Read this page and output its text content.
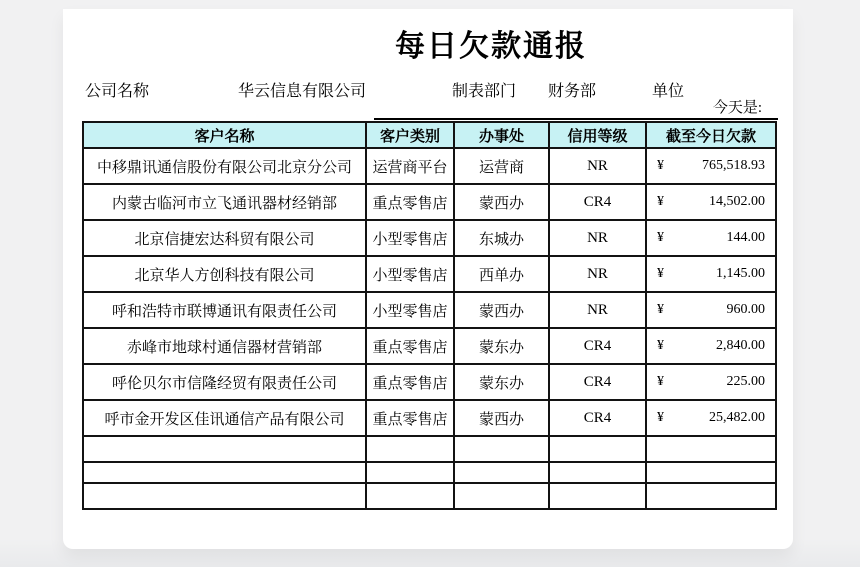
每日欠款通报
公司名称	华云信息有限公司	制表部门 财务部	单位
今天是:
客户名称	客户类别	办事处	信用等级	截至今日欠款
中移鼎讯通信股份有限公司北京分公司	运营商平台	运营商	NR	¥ 765,518.93

内蒙古临河市立飞通讯器材经销部	重点零售店	蒙西办	CR4	¥ 14,502.00

北京信捷宏达科贸有限公司	小型零售店	东城办	NR	¥ 144.00

北京华人方创科技有限公司	小型零售店	西单办	NR	¥ 1,145.00

呼和浩特市联博通讯有限责任公司	小型零售店	蒙西办	NR	¥ 960.00

赤峰市地球村通信器材营销部	重点零售店	蒙东办	CR4	¥ 2,840.00

呼伦贝尔市信隆经贸有限责任公司	重点零售店	蒙东办	CR4	¥ 225.00

呼市金开发区佳讯通信产品有限公司	重点零售店	蒙西办	CR4	¥ 25,482.00
